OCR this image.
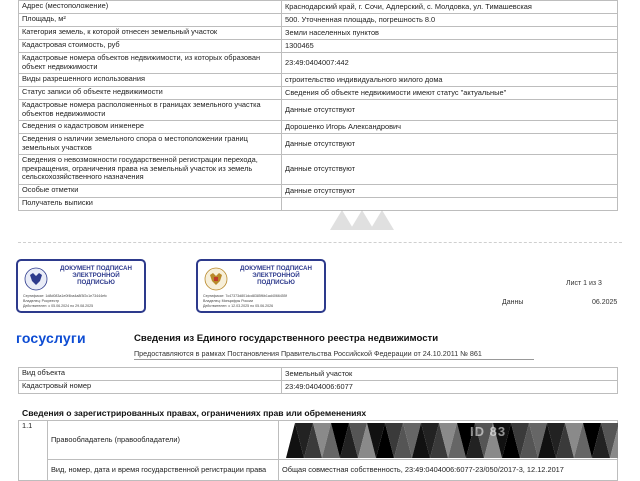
Адрес (местоположение)	Краснодарский край, г. Сочи, Адлерский, с. Молдовка, ул. Тимашевская
Площадь, м²	500. Уточненная площадь, погрешность 8.0
Категория земель, к которой отнесен земельный участок	Земли населенных пунктов
Кадастровая стоимость, руб	1300465
Кадастровые номера объектов недвижимости, из которых образован объект недвижимости	23:49:0404007:442
Виды разрешенного использования	строительство индивидуального жилого дома
Статус записи об объекте недвижимости	Сведения об объекте недвижимости имеют статус "актуальные"
Кадастровые номера расположенных в границах земельного участка объектов недвижимости	Данные отсутствуют
Сведения о кадастровом инженере	Дорошенко Игорь Александрович
Сведения о наличии земельного спора о местоположении границ земельных участков	Данные отсутствуют
Сведения о невозможности государственной регистрации перехода, прекращения, ограничения права на земельный участок из земель сельскохозяйственного назначения	Данные отсутствуют
Особые отметки	Данные отсутствуют
Получатель выписки	
ДОКУМЕНТ ПОДПИСАН
ЭЛЕКТРОННОЙ
ПОДПИСЬЮ
Сертификат: 1d8d083a1e0f4ba4a8f3f2c1e73444efc
Владелец: Росреестр
Действителен: с 05.06.2024 по 29.08.2025
ДОКУМЕНТ ПОДПИСАН
ЭЛЕКТРОННОЙ
ПОДПИСЬЮ
Сертификат: 7c47373d801dcd8385f6b1ad4066455f
Владелец: Минцифры России
Действителен: с 12.03.2025 по 05.06.2026
Лист 1 из 3
Данны	06.2025
госуслуги	Сведения из Единого государственного реестра недвижимости
Предоставляются в рамках Постановления Правительства Российской Федерации от 24.10.2011 № 861
Вид объекта	Земельный участок
Кадастровый номер	23:49:0404006:6077
Сведения о зарегистрированных правах, ограничениях прав или обременениях
1.1	Правообладатель (правообладатели)	
	Вид, номер, дата и время государственной регистрации права	Общая совместная собственность, 23:49:0404006:6077-23/050/2017-3, 12.12.2017
ID 83
